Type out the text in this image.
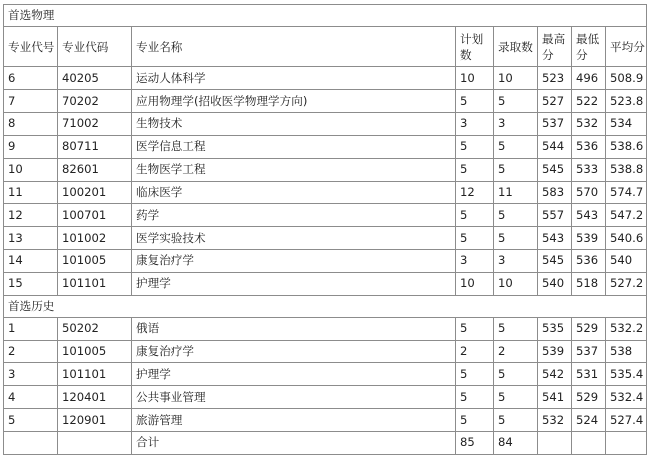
首选物理							
专业代号	专业代码	专业名称	计划数	录取数	最高分	最低分	平均分
6	40205	运动人体科学	10	10	523	496	508.9
7	70202	应用物理学(招收医学物理学方向)	5	5	527	522	523.8
8	71002	生物技术	3	3	537	532	534
9	80711	医学信息工程	5	5	544	536	538.6
10	82601	生物医学工程	5	5	545	533	538.8
11	100201	临床医学	12	11	583	570	574.7
12	100701	药学	5	5	557	543	547.2
13	101002	医学实验技术	5	5	543	539	540.6
14	101005	康复治疗学	3	3	545	536	540
15	101101	护理学	10	10	540	518	527.2
首选历史							
1	50202	俄语	5	5	535	529	532.2
2	101005	康复治疗学	2	2	539	537	538
3	101101	护理学	5	5	542	531	535.4
4	120401	公共事业管理	5	5	541	529	532.4
5	120901	旅游管理	5	5	532	524	527.4
		合计	85	84			
